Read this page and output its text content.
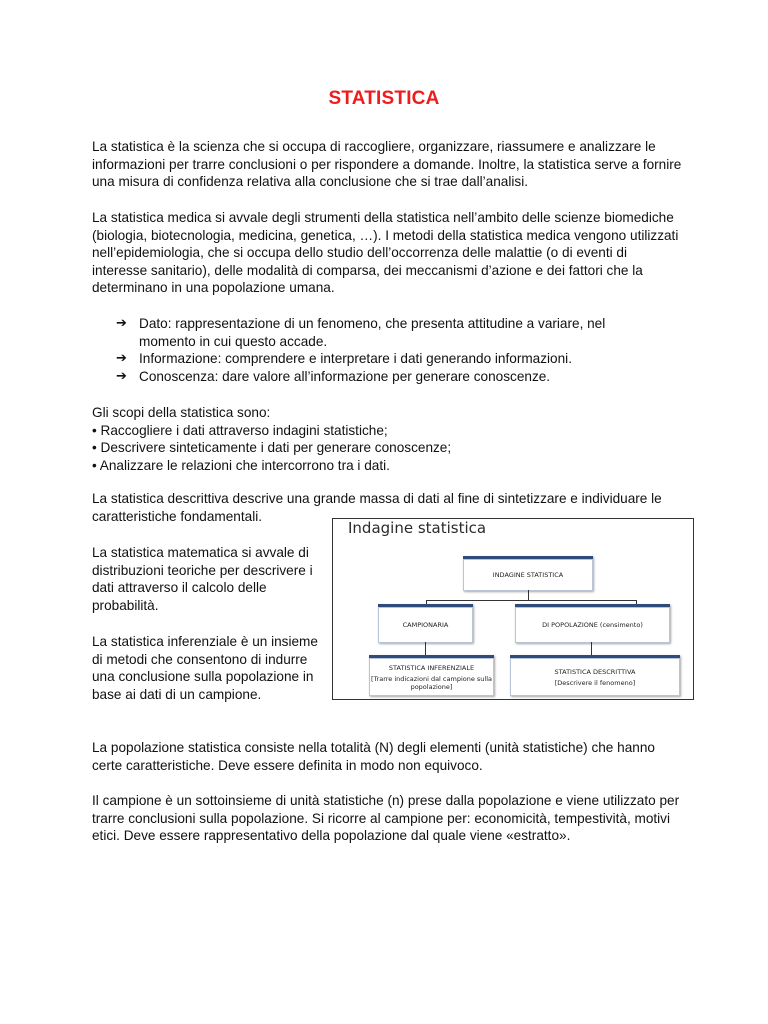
STATISTICA

La statistica è la scienza che si occupa di raccogliere, organizzare, riassumere e analizzare le informazioni per trarre conclusioni o per rispondere a domande. Inoltre, la statistica serve a fornire una misura di confidenza relativa alla conclusione che si trae dall’analisi.

La statistica medica si avvale degli strumenti della statistica nell’ambito delle scienze biomediche (biologia, biotecnologia, medicina, genetica, …). I metodi della statistica medica vengono utilizzati nell’epidemiologia, che si occupa dello studio dell’occorrenza delle malattie (o di eventi di interesse sanitario), delle modalità di comparsa, dei meccanismi d’azione e dei fattori che la determinano in una popolazione umana.

➔ Dato: rappresentazione di un fenomeno, che presenta attitudine a variare, nel momento in cui questo accade.
➔ Informazione: comprendere e interpretare i dati generando informazioni.
➔ Conoscenza: dare valore all’informazione per generare conoscenze.
Gli scopi della statistica sono:
• Raccogliere i dati attraverso indagini statistiche;
• Descrivere sinteticamente i dati per generare conoscenze;
• Analizzare le relazioni che intercorrono tra i dati.

La statistica descrittiva descrive una grande massa di dati al fine di sintetizzare e individuare le caratteristiche fondamentali.

La statistica matematica si avvale di distribuzioni teoriche per descrivere i dati attraverso il calcolo delle probabilità.

La statistica inferenziale è un insieme di metodi che consentono di indurre una conclusione sulla popolazione in base ai dati di un campione.

La popolazione statistica consiste nella totalità (N) degli elementi (unità statistiche) che hanno certe caratteristiche. Deve essere definita in modo non equivoco.

Il campione è un sottoinsieme di unità statistiche (n) prese dalla popolazione e viene utilizzato per trarre conclusioni sulla popolazione. Si ricorre al campione per: economicità, tempestività, motivi etici. Deve essere rappresentativo della popolazione dal quale viene «estratto».

Indagine statistica
INDAGINE STATISTICA
CAMPIONARIA	DI POPOLAZIONE (censimento)
STATISTICA INFERENZIALE
[Trarre indicazioni dal campione sulla popolazione]
STATISTICA DESCRITTIVA
[Descrivere il fenomeno]
